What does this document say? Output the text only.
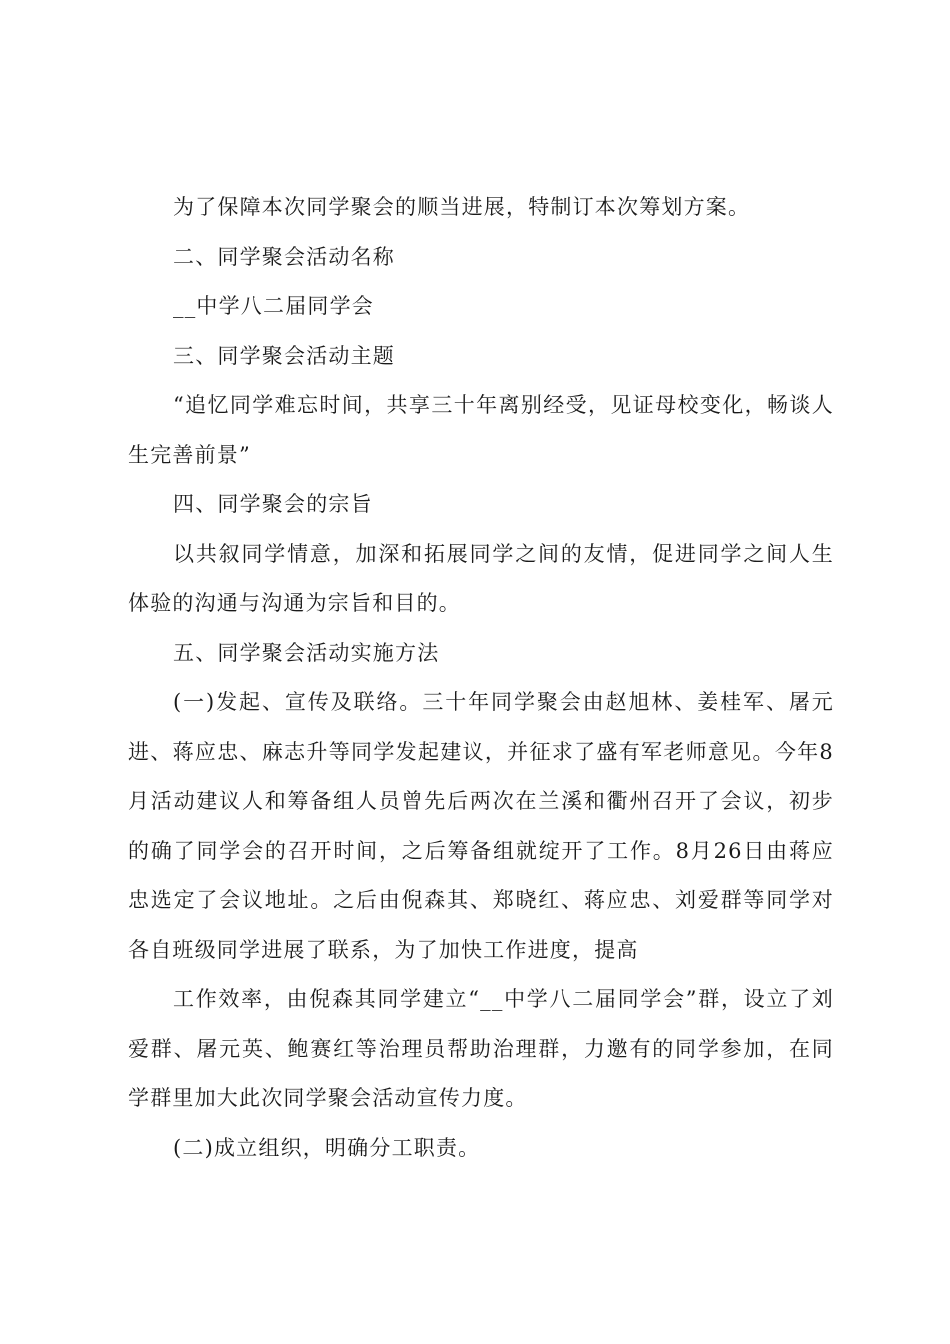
为了保障本次同学聚会的顺当进展，特制订本次筹划方案。

二、同学聚会活动名称

__中学八二届同学会

三、同学聚会活动主题

“追忆同学难忘时间，共享三十年离别经受，见证母校变化，畅谈人生完善前景”

四、同学聚会的宗旨

以共叙同学情意，加深和拓展同学之间的友情，促进同学之间人生体验的沟通与沟通为宗旨和目的。

五、同学聚会活动实施方法

(一)发起、宣传及联络。三十年同学聚会由赵旭林、姜桂军、屠元进、蒋应忠、麻志升等同学发起建议，并征求了盛有军老师意见。今年8月活动建议人和筹备组人员曾先后两次在兰溪和衢州召开了会议，初步的确了同学会的召开时间，之后筹备组就绽开了工作。8月26日由蒋应忠选定了会议地址。之后由倪森其、郑晓红、蒋应忠、刘爱群等同学对各自班级同学进展了联系，为了加快工作进度，提高

工作效率，由倪森其同学建立“__中学八二届同学会”群，设立了刘爱群、屠元英、鲍赛红等治理员帮助治理群，力邀有的同学参加，在同学群里加大此次同学聚会活动宣传力度。

(二)成立组织，明确分工职责。
